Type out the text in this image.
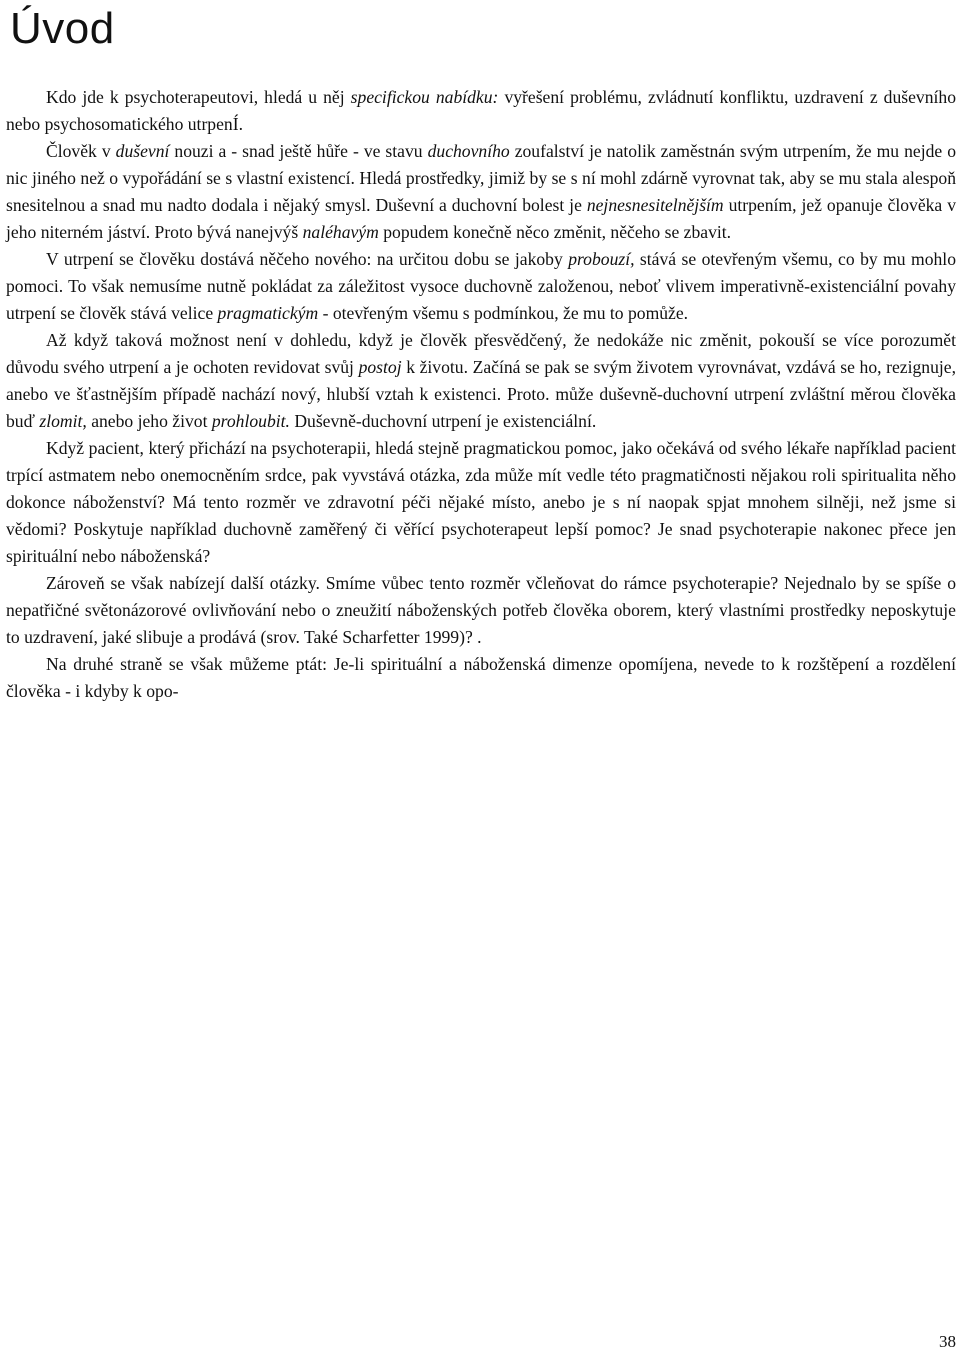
Úvod

Kdo jde k psychoterapeutovi, hledá u něj specifickou nabídku: vyřešení problému, zvládnutí konfliktu, uzdravení z duševního nebo psychosomatického utrpenÍ.

Člověk v duševní nouzi a - snad ještě hůře - ve stavu duchovního zoufalství je natolik zaměstnán svým utrpením, že mu nejde o nic jiného než o vypořádání se s vlastní existencí. Hledá prostředky, jimiž by se s ní mohl zdárně vyrovnat tak, aby se mu stala alespoň snesitelnou a snad mu nadto dodala i nějaký smysl. Duševní a duchovní bolest je nejnesnesitelnějším utrpením, jež opanuje člověka v jeho niterném jáství. Proto bývá nanejvýš naléhavým popudem konečně něco změnit, něčeho se zbavit.

V utrpení se člověku dostává něčeho nového: na určitou dobu se jakoby probouzí, stává se otevřeným všemu, co by mu mohlo pomoci. To však nemusíme nutně pokládat za záležitost vysoce duchovně založenou, neboť vlivem imperativně-existenciální povahy utrpení se člověk stává velice pragmatickým - otevřeným všemu s podmínkou, že mu to pomůže.

Až když taková možnost není v dohledu, když je člověk přesvědčený, že nedokáže nic změnit, pokouší se více porozumět důvodu svého utrpení a je ochoten revidovat svůj postoj k životu. Začíná se pak se svým životem vyrovnávat, vzdává se ho, rezignuje, anebo ve šťastnějším případě nachází nový, hlubší vztah k existenci. Proto. může duševně-duchovní utrpení zvláštní měrou člověka buď zlomit, anebo jeho život prohloubit. Duševně-duchovní utrpení je existenciální.

Když pacient, který přichází na psychoterapii, hledá stejně pragmatickou pomoc, jako očekává od svého lékaře například pacient trpící astmatem nebo onemocněním srdce, pak vyvstává otázka, zda může mít vedle této pragmatičnosti nějakou roli spiritualita něho dokonce náboženství? Má tento rozměr ve zdravotní péči nějaké místo, anebo je s ní naopak spjat mnohem silněji, než jsme si vědomi? Poskytuje například duchovně zaměřený či věřící psychoterapeut lepší pomoc? Je snad psychoterapie nakonec přece jen spirituální nebo náboženská?

Zároveň se však nabízejí další otázky. Smíme vůbec tento rozměr včleňovat do rámce psychoterapie? Nejednalo by se spíše o nepatřičné světonázorové ovlivňování nebo o zneužití náboženských potřeb člověka oborem, který vlastními prostředky neposkytuje to uzdravení, jaké slibuje a prodává (srov. Také Scharfetter 1999)? .

Na druhé straně se však můžeme ptát: Je-li spirituální a náboženská dimenze opomíjena, nevede to k rozštěpení a rozdělení člověka - i kdyby k opo-

38
